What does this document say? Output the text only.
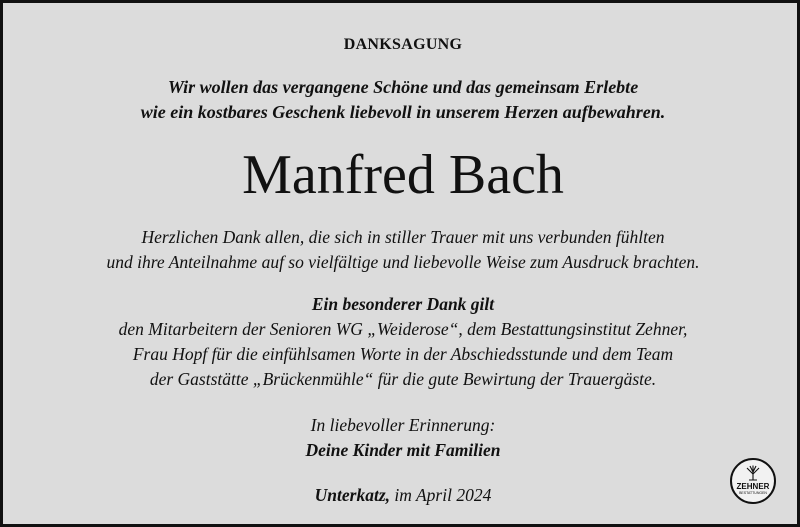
DANKSAGUNG
Wir wollen das vergangene Schöne und das gemeinsam Erlebte
wie ein kostbares Geschenk liebevoll in unserem Herzen aufbewahren.
Manfred Bach
Herzlichen Dank allen, die sich in stiller Trauer mit uns verbunden fühlten
und ihre Anteilnahme auf so vielfältige und liebevolle Weise zum Ausdruck brachten.
Ein besonderer Dank gilt
den Mitarbeitern der Senioren WG „Weiderose“, dem Bestattungsinstitut Zehner,
Frau Hopf für die einfühlsamen Worte in der Abschiedsstunde und dem Team
der Gaststätte „Brückenmühle“ für die gute Bewirtung der Trauergäste.
In liebevoller Erinnerung:
Deine Kinder mit Familien
Unterkatz, im April 2024	ZEHNER
BESTATTUNGEN
